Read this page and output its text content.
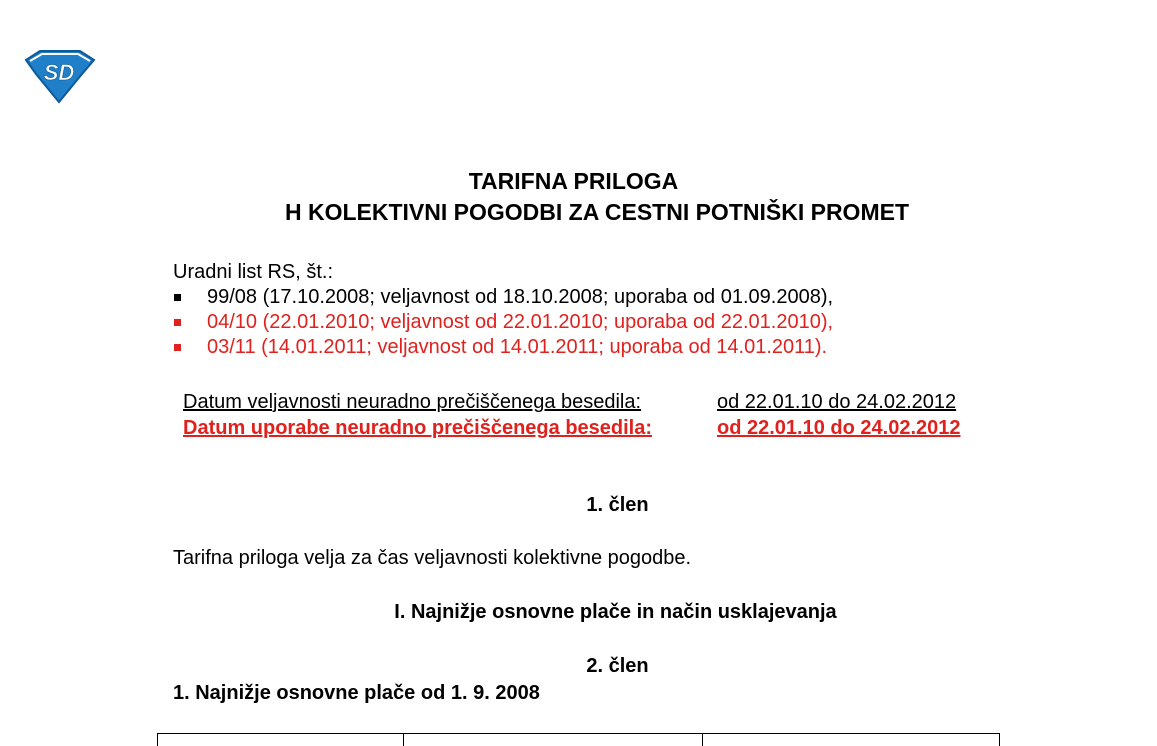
SD
TARIFNA PRILOGA
H KOLEKTIVNI POGODBI ZA CESTNI POTNIŠKI PROMET
Uradni list RS, št.:
99/08 (17.10.2008; veljavnost od 18.10.2008; uporaba od 01.09.2008),
04/10 (22.01.2010; veljavnost od 22.01.2010; uporaba od 22.01.2010),
03/11 (14.01.2011; veljavnost od 14.01.2011; uporaba od 14.01.2011).
Datum veljavnosti neuradno prečiščenega besedila:	od 22.01.10 do 24.02.2012
Datum uporabe neuradno prečiščenega besedila:	od 22.01.10 do 24.02.2012
1. člen
Tarifna priloga velja za čas veljavnosti kolektivne pogodbe.
I. Najnižje osnovne plače in način usklajevanja
2. člen
1. Najnižje osnovne plače od 1. 9. 2008
